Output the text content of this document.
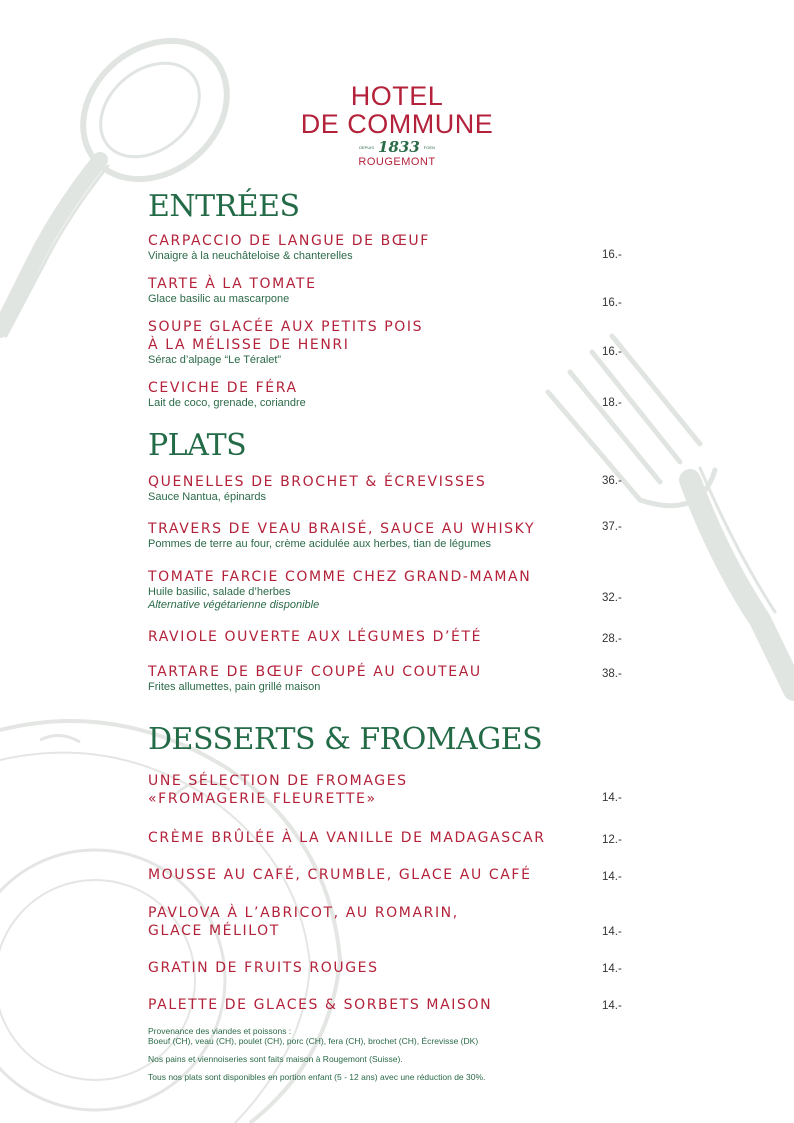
HOTEL
DE COMMUNE
DEPUIS 1833 FOEN
ROUGEMONT
ENTRÉES
CARPACCIO DE LANGUE DE BŒUF
Vinaigre à la neuchâteloise & chanterelles	16.-
TARTE À LA TOMATE
Glace basilic au mascarpone	16.-
SOUPE GLACÉE AUX PETITS POIS
À LA MÉLISSE DE HENRI
Sérac d’alpage “Le Téralet”
16.-
CEVICHE DE FÉRA
Lait de coco, grenade, coriandre	18.-
PLATS
QUENELLES DE BROCHET & ÉCREVISSES
Sauce Nantua, épinards
36.-
TRAVERS DE VEAU BRAISÉ, SAUCE AU WHISKY
Pommes de terre au four, crème acidulée aux herbes, tian de légumes
37.-
TOMATE FARCIE COMME CHEZ GRAND-MAMAN
Huile basilic, salade d’herbes
Alternative végétarienne disponible
32.-
RAVIOLE OUVERTE AUX LÉGUMES D’ÉTÉ	28.-
TARTARE DE BŒUF COUPÉ AU COUTEAU
Frites allumettes, pain grillé maison
38.-
DESSERTS & FROMAGES
UNE SÉLECTION DE FROMAGES
«FROMAGERIE FLEURETTE»	14.-
CRÈME BRÛLÉE À LA VANILLE DE MADAGASCAR	12.-
MOUSSE AU CAFÉ, CRUMBLE, GLACE AU CAFÉ	14.-
PAVLOVA À L’ABRICOT, AU ROMARIN,
GLACE MÉLILOT	14.-
GRATIN DE FRUITS ROUGES	14.-
PALETTE DE GLACES & SORBETS MAISON	14.-

Provenance des viandes et poissons :
Boeuf (CH), veau (CH), poulet (CH), porc (CH), fera (CH), brochet (CH), Écrevisse (DK)

Nos pains et viennoiseries sont faits maison à Rougemont (Suisse).

Tous nos plats sont disponibles en portion enfant (5 - 12 ans) avec une réduction de 30%.
